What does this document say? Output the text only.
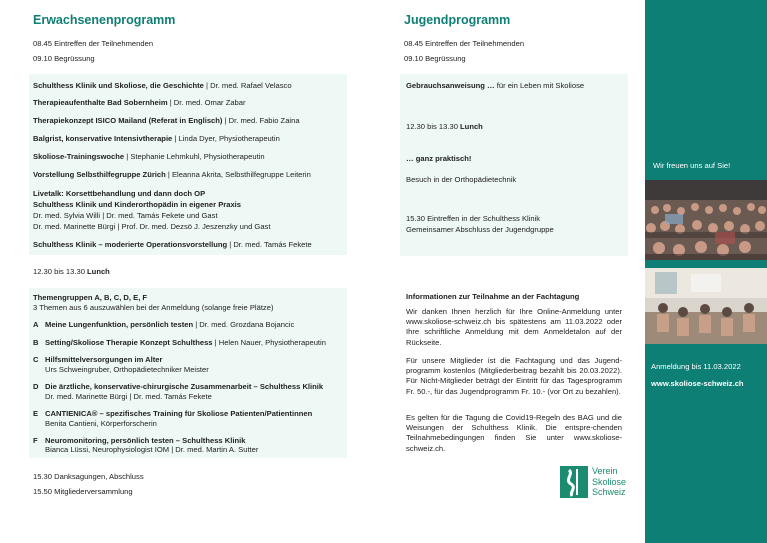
Erwachsenenprogramm
08.45 Eintreffen der Teilnehmenden
09.10 Begrüssung
Schulthess Klinik und Skoliose, die Geschichte | Dr. med. Rafael Velasco
Therapieaufenthalte Bad Sobernheim | Dr. med. Omar Zabar
Therapiekonzept ISICO Mailand (Referat in Englisch) | Dr. med. Fabio Zaina
Balgrist, konservative Intensivtherapie | Linda Dyer, Physiotherapeutin
Skoliose-Trainingswoche | Stephanie Lehmkuhl, Physiotherapeutin
Vorstellung Selbsthilfegruppe Zürich | Eleanna Akrita, Selbsthilfegruppe Leiterin
Livetalk: Korsettbehandlung und dann doch OP
Schulthess Klinik und Kinderorthopädin in eigener Praxis
Dr. med. Sylvia Willi | Dr. med. Tamás Fekete und Gast
Dr. med. Marinette Bürgi | Prof. Dr. med. Dezsö J. Jeszenzky und Gast
Schulthess Klinik – moderierte Operationsvorstellung | Dr. med. Tamás Fekete
12.30 bis 13.30 Lunch
Themengruppen A, B, C, D, E, F
3 Themen aus 6 auszuwählen bei der Anmeldung (solange freie Plätze)
A Meine Lungenfunktion, persönlich testen | Dr. med. Grozdana Bojancic
B Setting/Skoliose Therapie Konzept Schulthess | Helen Nauer, Physiotherapeutin
C Hilfsmittelversorgungen im Alter
Urs Schweingruber, Orthopädietechniker Meister
D Die ärztliche, konservative-chirurgische Zusammenarbeit – Schulthess Klinik
Dr. med. Marinette Bürgi | Dr. med. Tamás Fekete
E CANTIENICA® – spezifisches Training für Skoliose Patienten/Patientinnen
Benita Cantieni, Körperforscherin
F Neuromonitoring, persönlich testen – Schulthess Klinik
Bianca Lüssi, Neurophysiologist IOM | Dr. med. Martin A. Sutter
15.30 Danksagungen, Abschluss
15.50 Mitgliederversammlung
Jugendprogramm
08.45 Eintreffen der Teilnehmenden
09.10 Begrüssung
Gebrauchsanweisung … für ein Leben mit Skoliose
12.30 bis 13.30 Lunch
… ganz praktisch!
Besuch in der Orthopädietechnik
15.30 Eintreffen in der Schulthess Klinik
Gemeinsamer Abschluss der Jugendgruppe
Informationen zur Teilnahme an der Fachtagung
Wir danken Ihnen herzlich für Ihre Online-Anmeldung unter www.skoliose-schweiz.ch bis spätestens am 11.03.2022 oder Ihre schriftliche Anmeldung mit dem Anmeldetalon auf der Rückseite.
Für unsere Mitglieder ist die Fachtagung und das Jugend-programm kostenlos (Mitgliederbeitrag bezahlt bis 20.03.2022). Für Nicht-Mitglieder beträgt der Eintritt für das Tagesprogramm Fr. 50.-, für das Jugendprogramm Fr. 10.- (vor Ort zu bezahlen).
Es gelten für die Tagung die Covid19-Regeln des BAG und die Weisungen der Schulthess Klinik. Die entspre-chenden Teilnahmebedingungen finden Sie unter www.skoliose-schweiz.ch.
Verein
Skoliose
Schweiz
Wir freuen uns auf Sie!
Anmeldung bis 11.03.2022
www.skoliose-schweiz.ch
